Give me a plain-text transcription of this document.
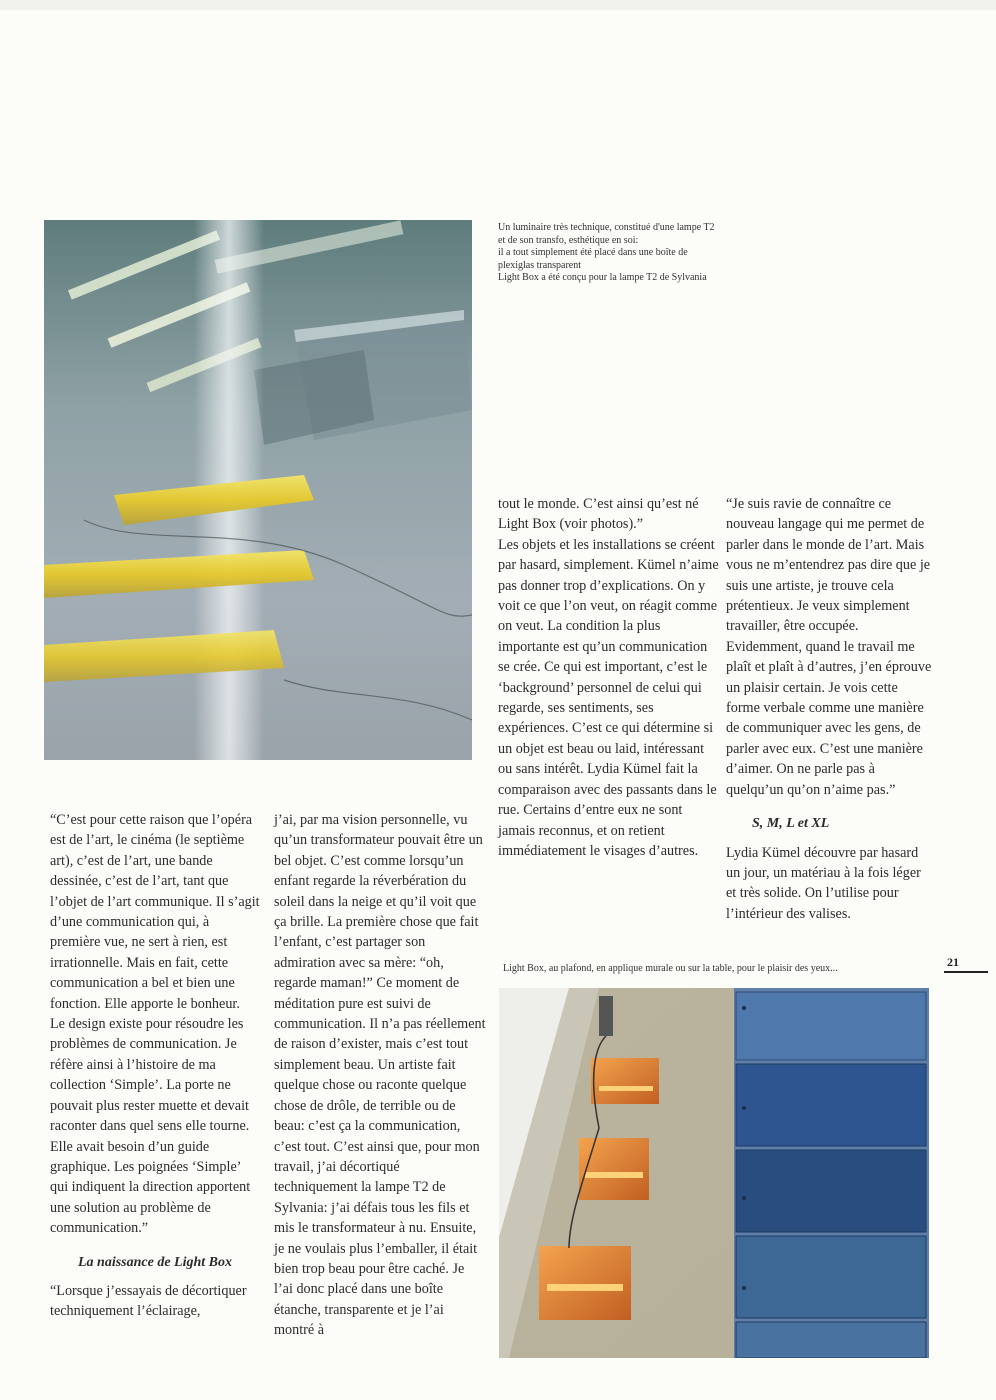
Un luminaire très technique, constitué d'une lampe T2 et de son transfo, esthétique en soi:

il a tout simplement été placé dans une boîte de plexiglas transparent

Light Box a été conçu pour la lampe T2 de Sylvania

“C’est pour cette raison que l’opéra est de l’art, le cinéma (le septième art), c’est de l’art, une bande dessinée, c’est de l’art, tant que l’objet de l’art communique. Il s’agit d’une communication qui, à première vue, ne sert à rien, est irrationnelle. Mais en fait, cette communication a bel et bien une fonction. Elle apporte le bonheur.

Le design existe pour résoudre les problèmes de communication. Je réfère ainsi à l’histoire de ma collection ‘Simple’. La porte ne pouvait plus rester muette et devait raconter dans quel sens elle tourne. Elle avait besoin d’un guide graphique. Les poignées ‘Simple’ qui indiquent la direction apportent une solution au problème de communication.”

La naissance de Light Box

“Lorsque j’essayais de décortiquer techniquement l’éclairage,

j’ai, par ma vision personnelle, vu qu’un transformateur pouvait être un bel objet. C’est comme lorsqu’un enfant regarde la réverbération du soleil dans la neige et qu’il voit que ça brille. La première chose que fait l’enfant, c’est partager son admiration avec sa mère: “oh, regarde maman!” Ce moment de méditation pure est suivi de communication. Il n’a pas réellement de raison d’exister, mais c’est tout simplement beau. Un artiste fait quelque chose ou raconte quelque chose de drôle, de terrible ou de beau: c’est ça la communication, c’est tout. C’est ainsi que, pour mon travail, j’ai décortiqué techniquement la lampe T2 de Sylvania: j’ai défais tous les fils et mis le transformateur à nu. Ensuite, je ne voulais plus l’emballer, il était bien trop beau pour être caché. Je l’ai donc placé dans une boîte étanche, transparente et je l’ai montré à

tout le monde. C’est ainsi qu’est né Light Box (voir photos).”

Les objets et les installations se créent par hasard, simplement. Kümel n’aime pas donner trop d’explications. On y voit ce que l’on veut, on réagit comme on veut. La condition la plus importante est qu’un communication se crée. Ce qui est important, c’est le ‘background’ personnel de celui qui regarde, ses sentiments, ses expériences. C’est ce qui détermine si un objet est beau ou laid, intéressant ou sans intérêt. Lydia Kümel fait la comparaison avec des passants dans le rue. Certains d’entre eux ne sont jamais reconnus, et on retient immédiatement le visages d’autres.

“Je suis ravie de connaître ce nouveau langage qui me permet de parler dans le monde de l’art. Mais vous ne m’entendrez pas dire que je suis une artiste, je trouve cela prétentieux. Je veux simplement travailler, être occupée. Evidemment, quand le travail me plaît et plaît à d’autres, j’en éprouve un plaisir certain. Je vois cette forme verbale comme une manière de communiquer avec les gens, de parler avec eux. C’est une manière d’aimer. On ne parle pas à quelqu’un qu’on n’aime pas.”

S, M, L et XL

Lydia Kümel découvre par hasard un jour, un matériau à la fois léger et très solide. On l’utilise pour l’intérieur des valises.

Light Box, au plafond, en applique murale ou sur la table, pour le plaisir des yeux...	21
